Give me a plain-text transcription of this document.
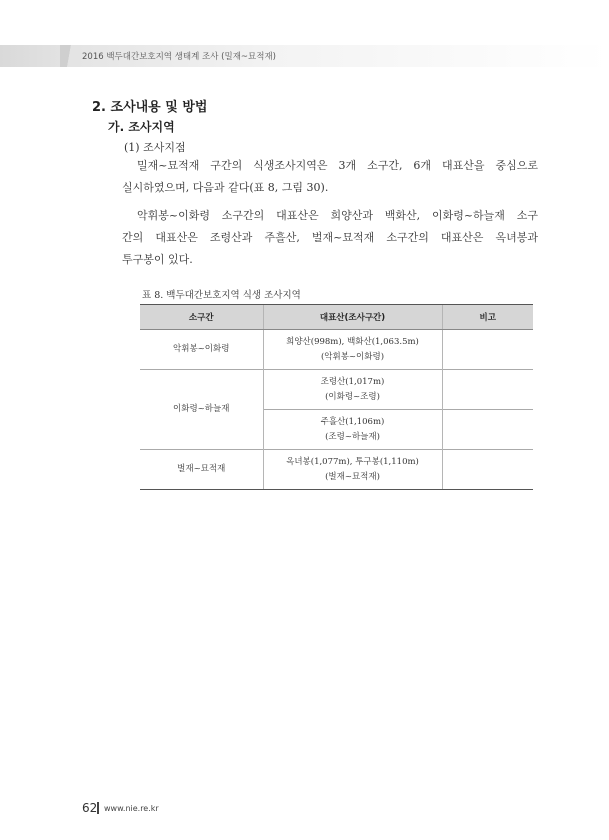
2016 백두대간보호지역 생태계 조사 (밀재~묘적재)
2. 조사내용 및 방법
가. 조사지역
(1) 조사지점
밀재~묘적재 구간의 식생조사지역은 3개 소구간, 6개 대표산을 중심으로
실시하였으며, 다음과 같다(표 8, 그림 30).
악휘봉~이화령 소구간의 대표산은 희양산과 백화산, 이화령~하늘재 소구
간의 대표산은 조령산과 주흘산, 벌재~묘적재 소구간의 대표산은 옥녀봉과
투구봉이 있다.
표 8. 백두대간보호지역 식생 조사지역
소구간	대표산(조사구간)	비고
악휘봉~이화령	희양산(998m), 백화산(1,063.5m)
(악휘봉~이화령)	

이화령~하늘재	조령산(1,017m)
(이화령~조령)	

	주흘산(1,106m)
(조령~하늘재)	

벌재~묘적재	옥녀봉(1,077m), 투구봉(1,110m)
(벌재~묘적재)	

62 www.nie.re.kr
